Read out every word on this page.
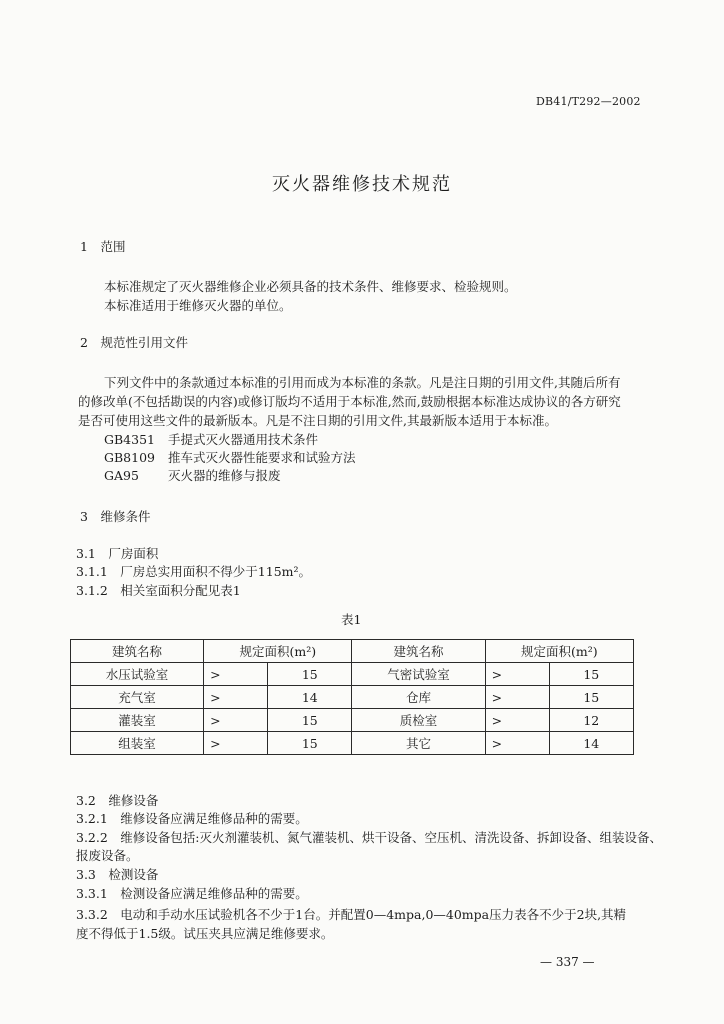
DB41/T292—2002
灭火器维修技术规范
1　范围
本标准规定了灭火器维修企业必须具备的技术条件、维修要求、检验规则。
本标准适用于维修灭火器的单位。
2　规范性引用文件
下列文件中的条款通过本标准的引用而成为本标准的条款。凡是注日期的引用文件,其随后所有
的修改单(不包括勘误的内容)或修订版均不适用于本标准,然而,鼓励根据本标准达成协议的各方研究
是否可使用这些文件的最新版本。凡是不注日期的引用文件,其最新版本适用于本标准。
GB4351 手提式灭火器通用技术条件
GB8109 推车式灭火器性能要求和试验方法
GA95 灭火器的维修与报废
3　维修条件
3.1　厂房面积
3.1.1　厂房总实用面积不得少于115m²。
3.1.2　相关室面积分配见表1
表1
建筑名称	规定面积(m²)		建筑名称	规定面积(m²)	
水压试验室	>	15	气密试验室	>	15
充气室	>	14	仓库	>	15
灌装室	>	15	质检室	>	12
组装室	>	15	其它	>	14
3.2　维修设备
3.2.1　维修设备应满足维修品种的需要。
3.2.2　维修设备包括:灭火剂灌装机、氮气灌装机、烘干设备、空压机、清洗设备、拆卸设备、组装设备、
报废设备。
3.3　检测设备
3.3.1　检测设备应满足维修品种的需要。
3.3.2　电动和手动水压试验机各不少于1台。并配置0—4mpa,0—40mpa压力表各不少于2块,其精
度不得低于1.5级。试压夹具应满足维修要求。
— 337 —
